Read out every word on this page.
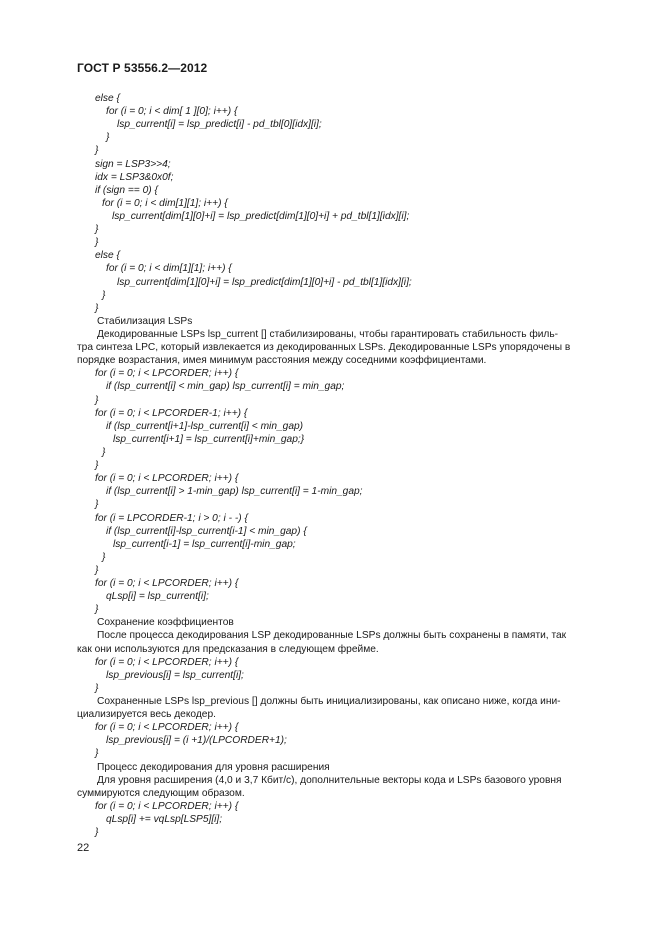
ГОСТ Р 53556.2—2012
else {
for (i = 0; i < dim[ 1 ][0]; i++) {
lsp_current[i] = lsp_predict[i] - pd_tbl[0][idx][i];
}
}
sign = LSP3>>4;
idx = LSP3&0x0f;
if (sign == 0) {
for (i = 0; i < dim[1][1]; i++) {
lsp_current[dim[1][0]+i] = lsp_predict[dim[1][0]+i] + pd_tbl[1][idx][i];
}
}
else {
for (i = 0; i < dim[1][1]; i++) {
lsp_current[dim[1][0]+i] = lsp_predict[dim[1][0]+i] - pd_tbl[1][idx][i];
}
}
Стабилизация LSPs
Декодированные LSPs lsp_current [] стабилизированы, чтобы гарантировать стабильность филь-
тра синтеза LPC, который извлекается из декодированных LSPs. Декодированные LSPs упорядочены в
порядке возрастания, имея минимум расстояния между соседними коэффициентами.
for (i = 0; i < LPCORDER; i++) {
if (lsp_current[i] < min_gap) lsp_current[i] = min_gap;
}
for (i = 0; i < LPCORDER-1; i++) {
if (lsp_current[i+1]-lsp_current[i] < min_gap)
lsp_current[i+1] = lsp_current[i]+min_gap;}
}
}
for (i = 0; i < LPCORDER; i++) {
if (lsp_current[i] > 1-min_gap) lsp_current[i] = 1-min_gap;
}
for (i = LPCORDER-1; i > 0; i - -) {
if (lsp_current[i]-lsp_current[i-1] < min_gap) {
lsp_current[i-1] = lsp_current[i]-min_gap;
}
}
for (i = 0; i < LPCORDER; i++) {
qLsp[i] = lsp_current[i];
}
Сохранение коэффициентов
После процесса декодирования LSP декодированные LSPs должны быть сохранены в памяти, так
как они используются для предсказания в следующем фрейме.
for (i = 0; i < LPCORDER; i++) {
lsp_previous[i] = lsp_current[i];
}
Сохраненные LSPs lsp_previous [] должны быть инициализированы, как описано ниже, когда ини-
циализируется весь декодер.
for (i = 0; i < LPCORDER; i++) {
lsp_previous[i] = (i +1)/(LPCORDER+1);
}
Процесс декодирования для уровня расширения
Для уровня расширения (4,0 и 3,7 Кбит/с), дополнительные векторы кода и LSPs базового уровня
суммируются следующим образом.
for (i = 0; i < LPCORDER; i++) {
qLsp[i] += vqLsp[LSP5][i];
}
22
